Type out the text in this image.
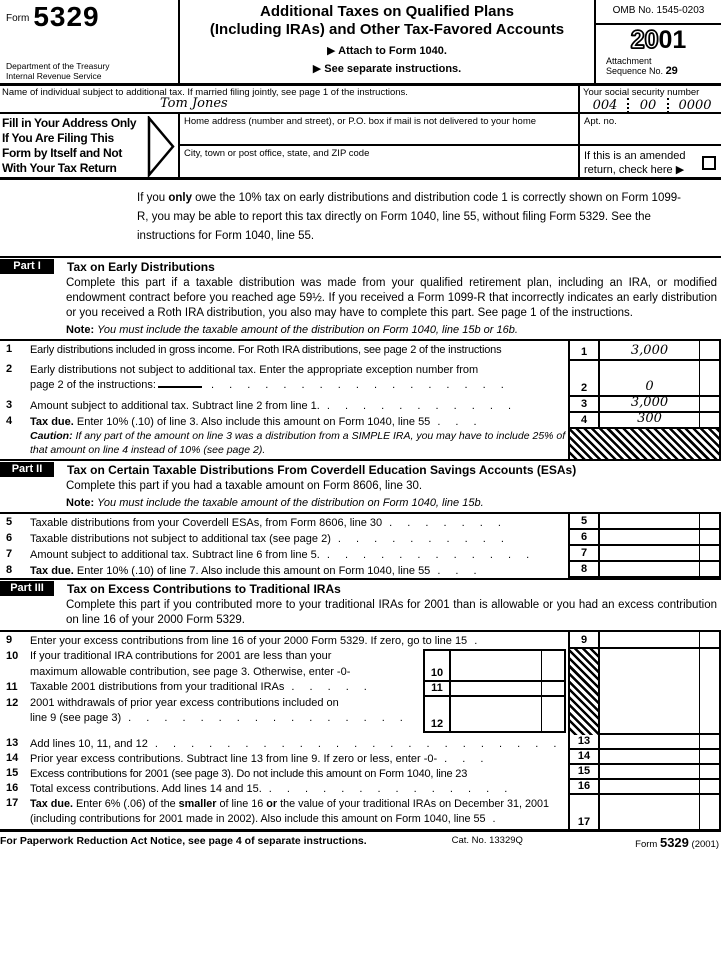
Form 5329
Department of the Treasury
Internal Revenue Service
Additional Taxes on Qualified Plans
(Including IRAs) and Other Tax-Favored Accounts
▶ Attach to Form 1040.
▶ See separate instructions.
OMB No. 1545-0203
2001
Attachment
Sequence No. 29
Name of individual subject to additional tax. If married filing jointly, see page 1 of the instructions.
Tom Jones
Your social security number
004	00	0000
Fill in Your Address Only
If You Are Filing This
Form by Itself and Not
With Your Tax Return
Home address (number and street), or P.O. box if mail is not delivered to your home	Apt. no.
City, town or post office, state, and ZIP code	If this is an amended return, check here ▶
If you only owe the 10% tax on early distributions and distribution code 1 is correctly shown on Form 1099-R, you may be able to report this tax directly on Form 1040, line 55, without filing Form 5329. See the instructions for Form 1040, line 55.
Part I	Tax on Early Distributions
Complete this part if a taxable distribution was made from your qualified retirement plan, including an IRA, or modified endowment contract before you reached age 59½. If you received a Form 1099-R that incorrectly indicates an early distribution or you received a Roth IRA distribution, you also may have to complete this part. See page 1 of the instructions.
Note: You must include the taxable amount of the distribution on Form 1040, line 15b or 16b.
1	Early distributions included in gross income. For Roth IRA distributions, see page 2 of the instructions	1	3,000
2	Early distributions not subject to additional tax. Enter the appropriate exception number from
page 2 of the instructions:	. . . . . . . . . . . . . . . . .	2	0
3	Amount subject to additional tax. Subtract line 2 from line 1. . . . . . . . . . . .	3	3,000
4	Tax due. Enter 10% (.10) of line 3. Also include this amount on Form 1040, line 55 . . .	4	300
Caution: If any part of the amount on line 3 was a distribution from a SIMPLE IRA, you may have to include 25% of that amount on line 4 instead of 10% (see page 2).
Part II	Tax on Certain Taxable Distributions From Coverdell Education Savings Accounts (ESAs)
Complete this part if you had a taxable amount on Form 8606, line 30.
Note: You must include the taxable amount of the distribution on Form 1040, line 15b.
5	Taxable distributions from your Coverdell ESAs, from Form 8606, line 30 . . . . . . .	5
6	Taxable distributions not subject to additional tax (see page 2) . . . . . . . . . .	6
7	Amount subject to additional tax. Subtract line 6 from line 5. . . . . . . . . . . . .	7
8	Tax due. Enter 10% (.10) of line 7. Also include this amount on Form 1040, line 55 . . .	8
Part III	Tax on Excess Contributions to Traditional IRAs
Complete this part if you contributed more to your traditional IRAs for 2001 than is allowable or you had an excess contribution on line 16 of your 2000 Form 5329.
9	Enter your excess contributions from line 16 of your 2000 Form 5329. If zero, go to line 15 .	9
10	If your traditional IRA contributions for 2001 are less than your
maximum allowable contribution, see page 3. Otherwise, enter -0-
11	Taxable 2001 distributions from your traditional IRAs . . . . .
12	2001 withdrawals of prior year excess contributions included on
line 9 (see page 3) . . . . . . . . . . . . . . . .
10
11
12
13	Add lines 10, 11, and 12 . . . . . . . . . . . . . . . . . . . . . . .	13
14	Prior year excess contributions. Subtract line 13 from line 9. If zero or less, enter -0- . . .	14
15	Excess contributions for 2001 (see page 3). Do not include this amount on Form 1040, line 23	15
16	Total excess contributions. Add lines 14 and 15. . . . . . . . . . . . . . .	16
17	Tax due. Enter 6% (.06) of the smaller of line 16 or the value of your traditional IRAs on December 31, 2001 (including contributions for 2001 made in 2002). Also include this amount on Form 1040, line 55 .	17
For Paperwork Reduction Act Notice, see page 4 of separate instructions.	Cat. No. 13329Q	Form 5329 (2001)
